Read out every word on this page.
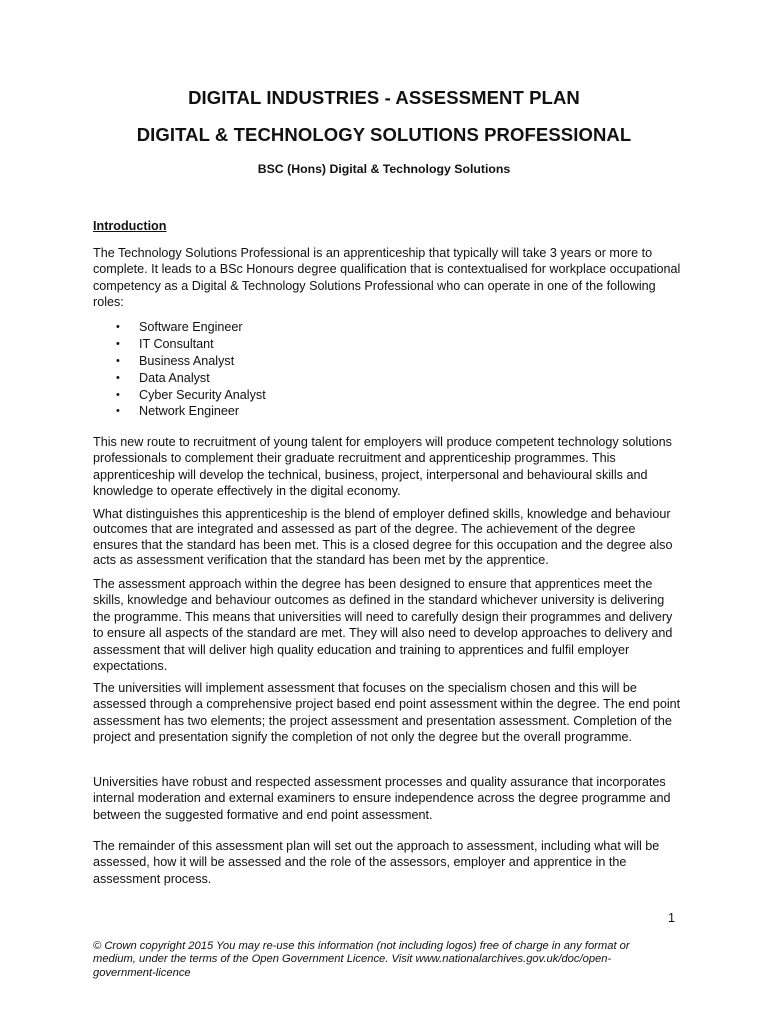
DIGITAL INDUSTRIES - ASSESSMENT PLAN
DIGITAL & TECHNOLOGY SOLUTIONS PROFESSIONAL
BSC (Hons) Digital & Technology Solutions
Introduction

The Technology Solutions Professional is an apprenticeship that typically will take 3 years or more to complete. It leads to a BSc Honours degree qualification that is contextualised for workplace occupational competency as a Digital & Technology Solutions Professional who can operate in one of the following roles:

• Software Engineer
• IT Consultant
• Business Analyst
• Data Analyst
• Cyber Security Analyst
• Network Engineer

This new route to recruitment of young talent for employers will produce competent technology solutions professionals to complement their graduate recruitment and apprenticeship programmes. This apprenticeship will develop the technical, business, project, interpersonal and behavioural skills and knowledge to operate effectively in the digital economy.

What distinguishes this apprenticeship is the blend of employer defined skills, knowledge and behaviour outcomes that are integrated and assessed as part of the degree. The achievement of the degree ensures that the standard has been met. This is a closed degree for this occupation and the degree also acts as assessment verification that the standard has been met by the apprentice.

The assessment approach within the degree has been designed to ensure that apprentices meet the skills, knowledge and behaviour outcomes as defined in the standard whichever university is delivering the programme. This means that universities will need to carefully design their programmes and delivery to ensure all aspects of the standard are met. They will also need to develop approaches to delivery and assessment that will deliver high quality education and training to apprentices and fulfil employer expectations.

The universities will implement assessment that focuses on the specialism chosen and this will be assessed through a comprehensive project based end point assessment within the degree. The end point assessment has two elements; the project assessment and presentation assessment. Completion of the project and presentation signify the completion of not only the degree but the overall programme.

Universities have robust and respected assessment processes and quality assurance that incorporates internal moderation and external examiners to ensure independence across the degree programme and between the suggested formative and end point assessment.

The remainder of this assessment plan will set out the approach to assessment, including what will be assessed, how it will be assessed and the role of the assessors, employer and apprentice in the assessment process.

1
© Crown copyright 2015 You may re-use this information (not including logos) free of charge in any format or medium, under the terms of the Open Government Licence. Visit www.nationalarchives.gov.uk/doc/open-government-licence
